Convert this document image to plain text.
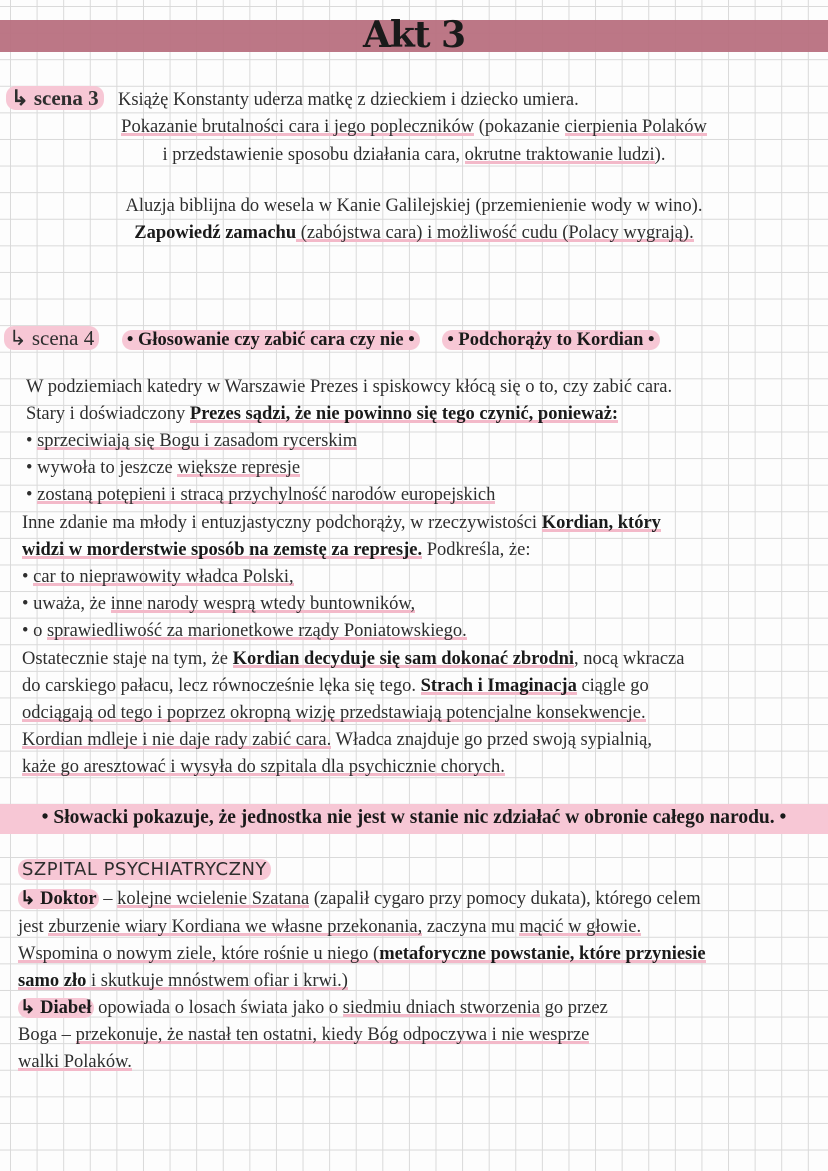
Akt 3
↳ scena 3
↳ scena 4 • Głosowanie czy zabić cara czy nie • • Podchorąży to Kordian •
• Słowacki pokazuje, że jednostka nie jest w stanie nic zdziałać w obronie całego narodu. •
SZPITAL PSYCHIATRYCZNY
Książę Konstanty uderza matkę z dzieckiem i dziecko umiera.
Pokazanie brutalności cara i jego popleczników (pokazanie cierpienia Polaków
i przedstawienie sposobu działania cara, okrutne traktowanie ludzi).
Aluzja biblijna do wesela w Kanie Galilejskiej (przemienienie wody w wino).
Zapowiedź zamachu (zabójstwa cara) i możliwość cudu (Polacy wygrają).
W podziemiach katedry w Warszawie Prezes i spiskowcy kłócą się o to, czy zabić cara.
Stary i doświadczony Prezes sądzi, że nie powinno się tego czynić, ponieważ:
• sprzeciwiają się Bogu i zasadom rycerskim
• wywoła to jeszcze większe represje
• zostaną potępieni i stracą przychylność narodów europejskich
Inne zdanie ma młody i entuzjastyczny podchorąży, w rzeczywistości Kordian, który
widzi w morderstwie sposób na zemstę za represje. Podkreśla, że:
• car to nieprawowity władca Polski,
• uważa, że inne narody wesprą wtedy buntowników,
• o sprawiedliwość za marionetkowe rządy Poniatowskiego.
Ostatecznie staje na tym, że Kordian decyduje się sam dokonać zbrodni, nocą wkracza
do carskiego pałacu, lecz równocześnie lęka się tego. Strach i Imaginacja ciągle go
odciągają od tego i poprzez okropną wizję przedstawiają potencjalne konsekwencje.
Kordian mdleje i nie daje rady zabić cara. Władca znajduje go przed swoją sypialnią,
każe go aresztować i wysyła do szpitala dla psychicznie chorych.
↳ Doktor – kolejne wcielenie Szatana (zapalił cygaro przy pomocy dukata), którego celem
jest zburzenie wiary Kordiana we własne przekonania, zaczyna mu mącić w głowie.
Wspomina o nowym ziele, które rośnie u niego (metaforyczne powstanie, które przyniesie
samo zło i skutkuje mnóstwem ofiar i krwi.)
↳ Diabeł opowiada o losach świata jako o siedmiu dniach stworzenia go przez
Boga – przekonuje, że nastał ten ostatni, kiedy Bóg odpoczywa i nie wesprze
walki Polaków.
